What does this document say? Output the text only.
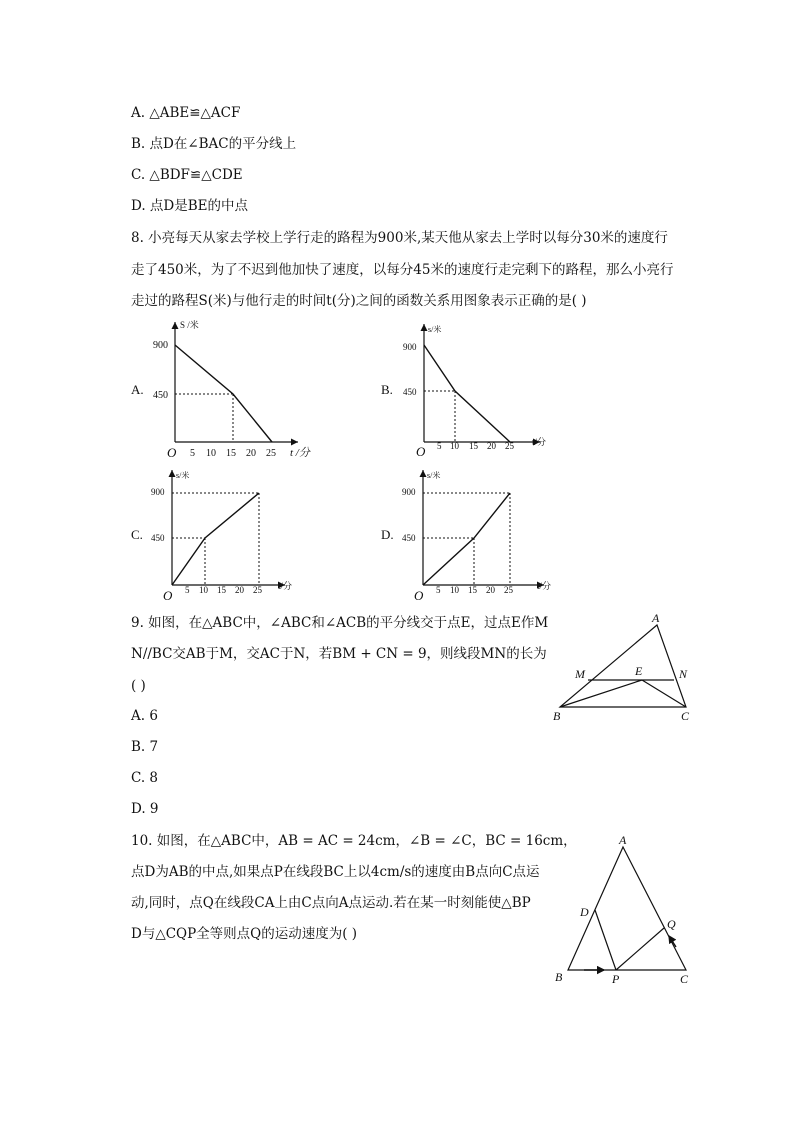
A. △ABE≌△ACF
B. 点D在∠BAC的平分线上
C. △BDF≌△CDE
D. 点D是BE的中点
8. 小亮每天从家去学校上学行走的路程为900米,某天他从家去上学时以每分30米的速度行
走了450米，为了不迟到他加快了速度，以每分45米的速度行走完剩下的路程，那么小亮行
走过的路程S(米)与他行走的时间t(分)之间的函数关系用图象表示正确的是( )
A.
S /米
t /分
O
900
450
5 10 15 20 25
B.
s/米
t/分
O
900
450
5 10 15 20 25
C.
s/米
t/分
O
900
450
5 10 15 20 25
D.
s/米
t/分
O
900
450
5 10 15 20 25
9. 如图，在△ABC中，∠ABC和∠ACB的平分线交于点E，过点E作M
N//BC交AB于M，交AC于N，若BM + CN = 9，则线段MN的长为
( )
A. 6
B. 7
C. 8
D. 9
A
M	E	N
B	C
10. 如图，在△ABC中，AB = AC = 24cm，∠B = ∠C，BC = 16cm，
点D为AB的中点,如果点P在线段BC上以4cm/s的速度由B点向C点运
动,同时，点Q在线段CA上由C点向A点运动.若在某一时刻能使△BP
D与△CQP全等则点Q的运动速度为( )
A
D
Q
B	P	C
